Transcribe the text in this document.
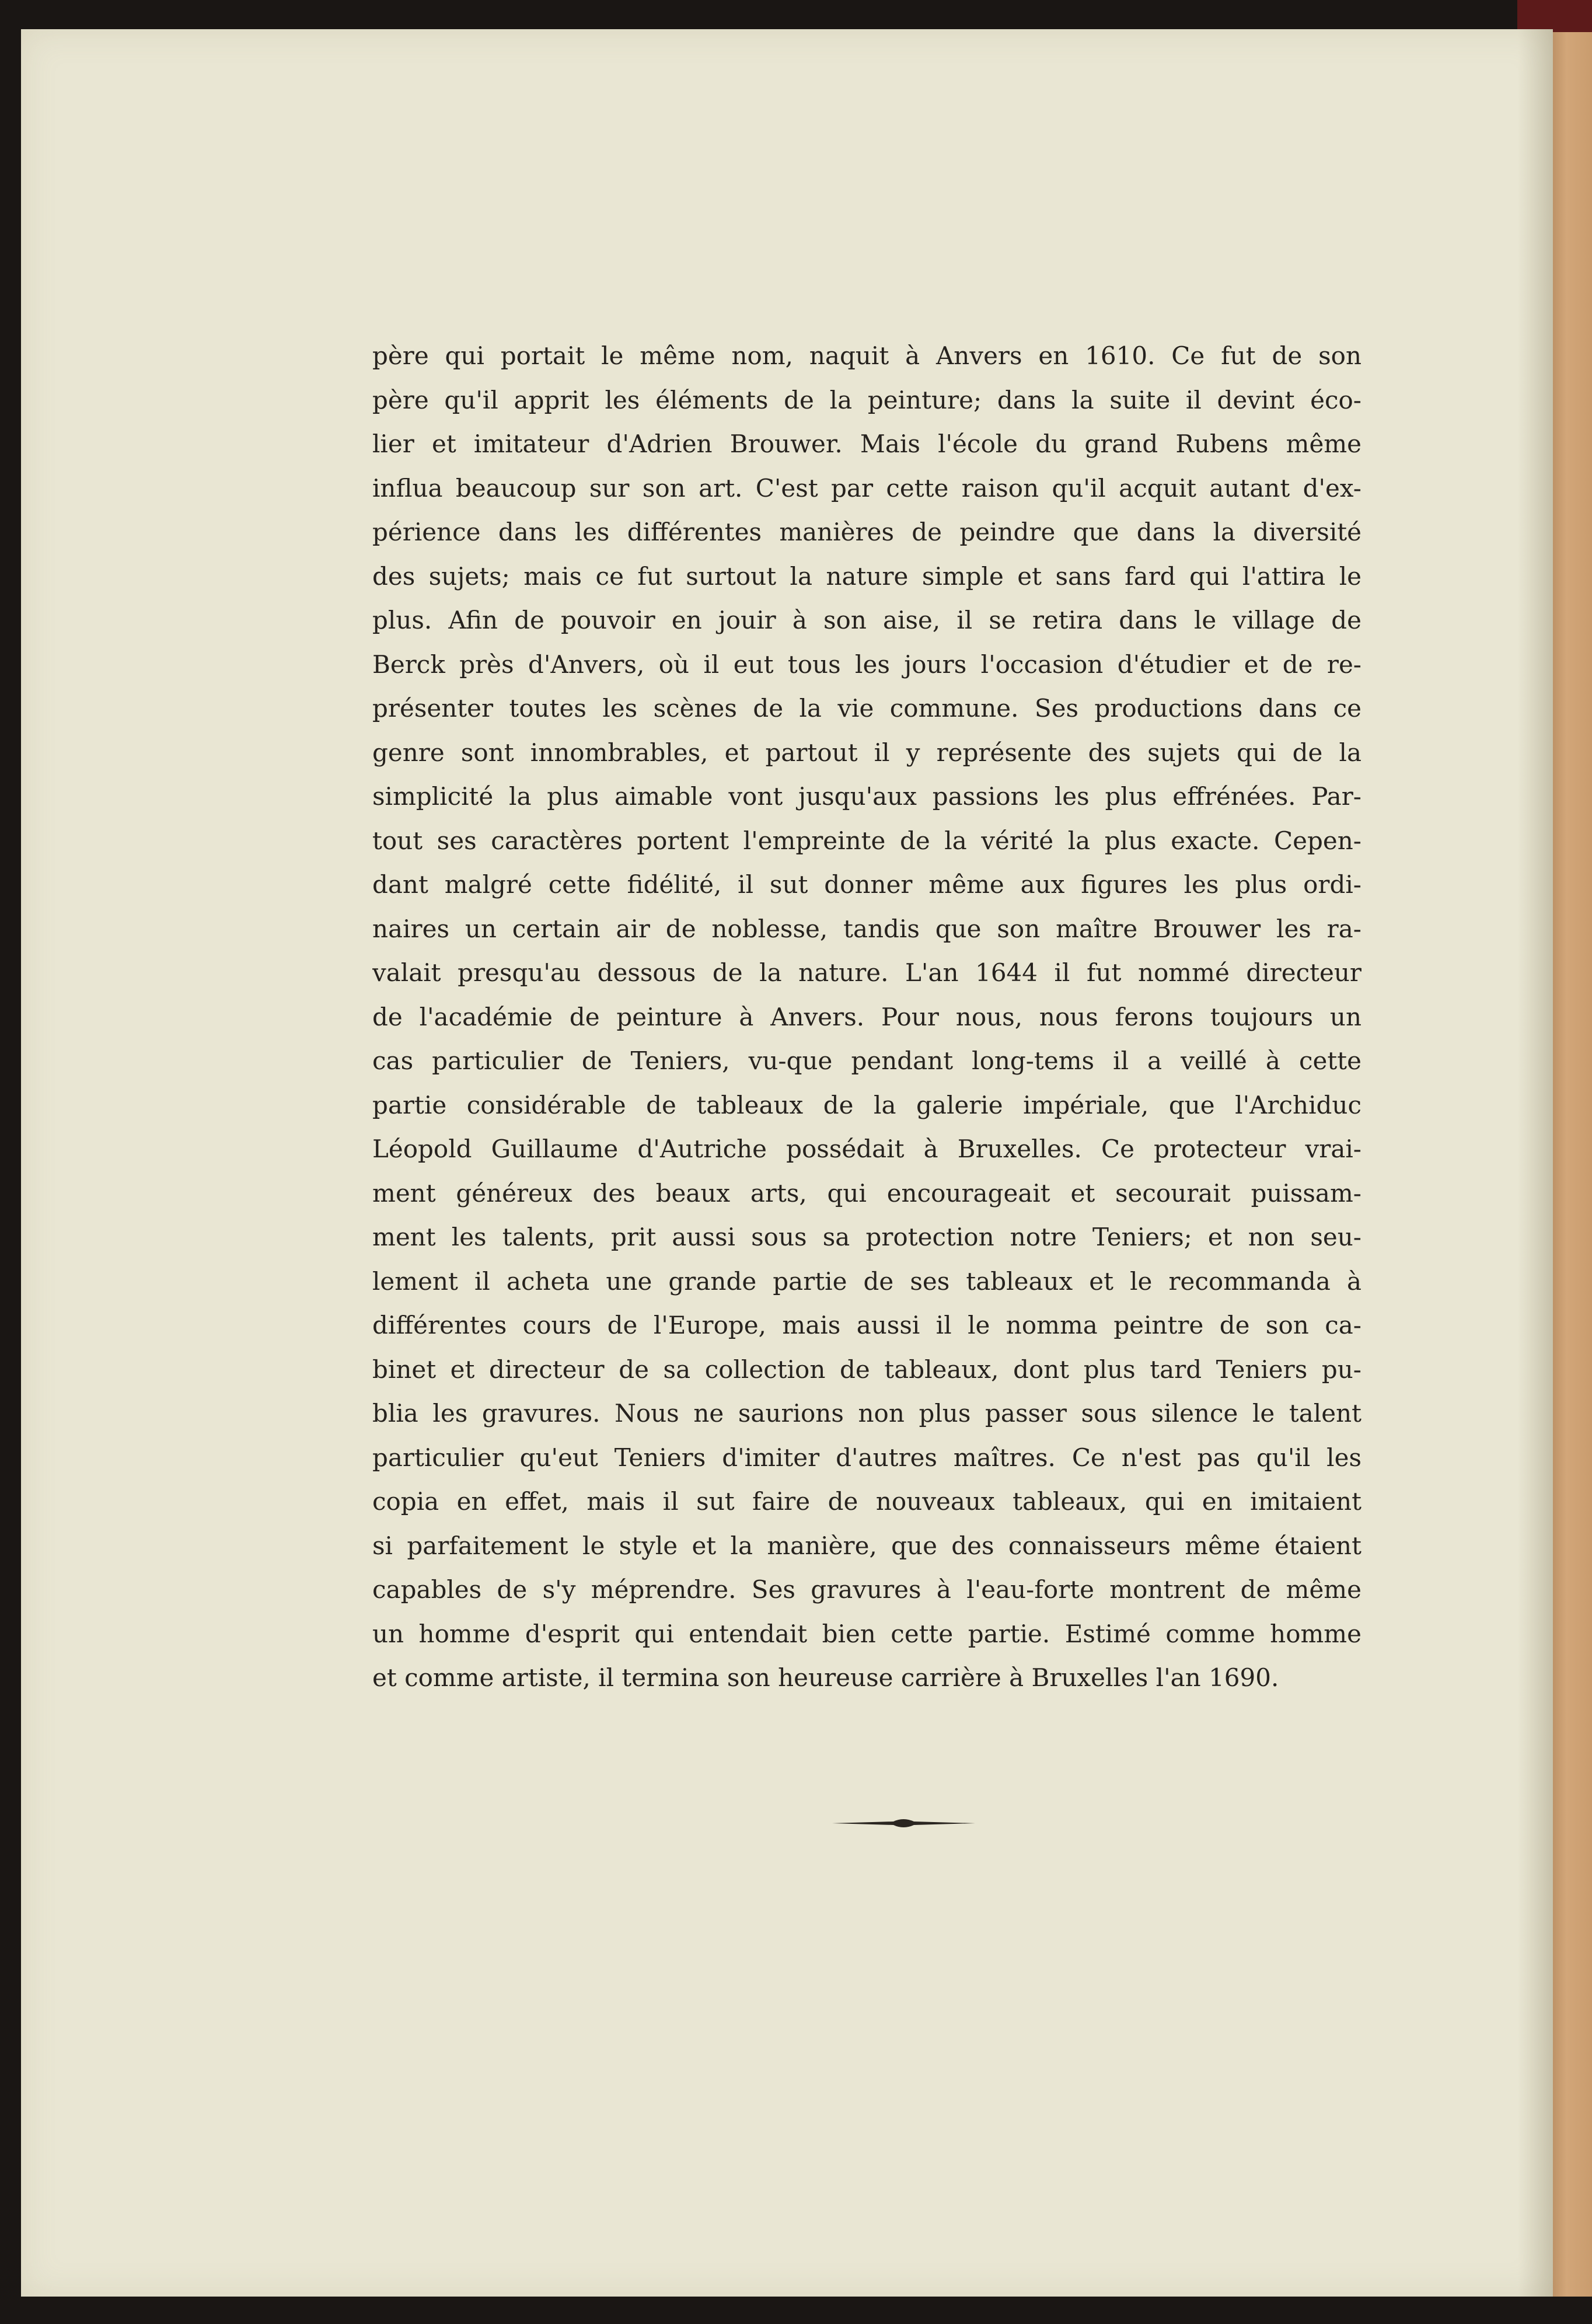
père qui portait le même nom, naquit à Anvers en 1610. Ce fut de son
père qu'il apprit les éléments de la peinture; dans la suite il devint éco-
lier et imitateur d'Adrien Brouwer. Mais l'école du grand Rubens même
influa beaucoup sur son art. C'est par cette raison qu'il acquit autant d'ex-
périence dans les différentes manières de peindre que dans la diversité
des sujets; mais ce fut surtout la nature simple et sans fard qui l'attira le
plus. Afin de pouvoir en jouir à son aise, il se retira dans le village de
Berck près d'Anvers, où il eut tous les jours l'occasion d'étudier et de re-
présenter toutes les scènes de la vie commune. Ses productions dans ce
genre sont innombrables, et partout il y représente des sujets qui de la
simplicité la plus aimable vont jusqu'aux passions les plus effrénées. Par-
tout ses caractères portent l'empreinte de la vérité la plus exacte. Cepen-
dant malgré cette fidélité, il sut donner même aux figures les plus ordi-
naires un certain air de noblesse, tandis que son maître Brouwer les ra-
valait presqu'au dessous de la nature. L'an 1644 il fut nommé directeur
de l'académie de peinture à Anvers. Pour nous, nous ferons toujours un
cas particulier de Teniers, vu-que pendant long-tems il a veillé à cette
partie considérable de tableaux de la galerie impériale, que l'Archiduc
Léopold Guillaume d'Autriche possédait à Bruxelles. Ce protecteur vrai-
ment généreux des beaux arts, qui encourageait et secourait puissam-
ment les talents, prit aussi sous sa protection notre Teniers; et non seu-
lement il acheta une grande partie de ses tableaux et le recommanda à
différentes cours de l'Europe, mais aussi il le nomma peintre de son ca-
binet et directeur de sa collection de tableaux, dont plus tard Teniers pu-
blia les gravures. Nous ne saurions non plus passer sous silence le talent
particulier qu'eut Teniers d'imiter d'autres maîtres. Ce n'est pas qu'il les
copia en effet, mais il sut faire de nouveaux tableaux, qui en imitaient
si parfaitement le style et la manière, que des connaisseurs même étaient
capables de s'y méprendre. Ses gravures à l'eau-forte montrent de même
un homme d'esprit qui entendait bien cette partie. Estimé comme homme
et comme artiste, il termina son heureuse carrière à Bruxelles l'an 1690.
